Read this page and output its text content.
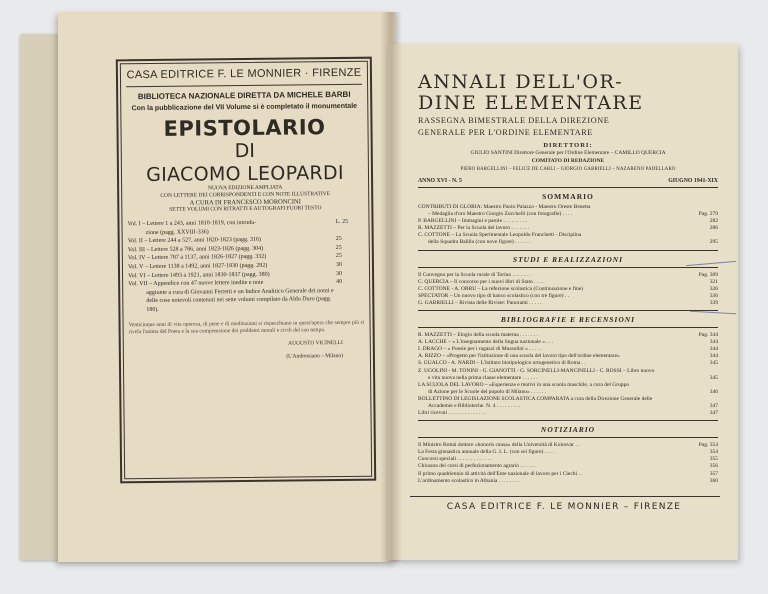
CASA EDITRICE F. LE MONNIER · FIRENZE
BIBLIOTECA NAZIONALE DIRETTA DA MICHELE BARBI
Con la pubblicazione del VII Volume si è completato il monumentale
EPISTOLARIO
DI
GIACOMO LEOPARDI
NUOVA EDIZIONE AMPLIATA
CON LETTERE DEI CORRISPONDENTI E CON NOTE ILLUSTRATIVE
A CURA DI FRANCESCO MORONCINI
SETTE VOLUMI CON RITRATTI E AUTOGRAFI FUORI TESTO
Vol. I – Lettere 1 a 243, anni 1810-1819, con introdu-	L. 25
zione (pagg. XXVIII-336)
Vol. II – Lettere 244 a 527, anni 1820-1823 (pagg. 316)	25
Vol. III – Lettere 528 a 786, anni 1823-1826 (pagg. 304)	25
Vol. IV – Lettere 787 a 1137, anni 1826-1827 (pagg. 332)	25
Vol. V – Lettere 1138 a 1492, anni 1827-1830 (pagg. 292)	30
Vol. VI – Lettere 1493 a 1921, anni 1830-1837 (pagg. 380)	30
Vol. VII – Appendice con 47 nuove lettere inedite e note	40
aggiunte a cura di Giovanni Ferretti e un Indice Analitico Generale dei nomi e delle cose notevoli contenuti nei sette volumi compilato da Aldo Duro (pagg. 180).
Venticinque anni di vita operosa, di pene e di meditazioni si rispecchiano in quest'opera che sempre più ci rivela l'anima del Poeta e la sua comprensione dei problemi morali e civili del suo tempo.
AUGUSTO VICINELLI
(L'Ambrosiano – Milano)
ANNALI DELL'OR-
DINE ELEMENTARE
RASSEGNA BIMESTRALE DELLA DIREZIONE
GENERALE PER L'ORDINE ELEMENTARE
DIRETTORI:
GIULIO SANTINI Direttore Generale per l'Ordine Elementare – CAMILLO QUERCIA
COMITATO DI REDAZIONE
PIERO BARGELLINI – FELICE DE CARLI – GIORGIO GABRIELLI – NAZARENO PADELLARO
ANNO XVI - N. 5	GIUGNO 1941-XIX
SOMMARIO
CONTRIBUTI DI GLORIA: Maestro Paolo Palazzo - Maestro Oreste Benetta
– Medaglia d'oro Maestro Giorgio Zucchelli (con fotografie) . . . .	Pag. 279
P. BARGELLINI – Immagini e parole . . . . . . . . .	282
R. MAZZETTI – Per la Scuola del lavoro . . . . . . .	286
C. COTTONE – La Scuola Sperimentale Leopoldo Franchetti - Disciplina
della Squadra Balilla (con nove figure) . . . . . .	295
STUDI E REALIZZAZIONI
Il Convegno per la Scuola rurale di Torino . . . . . . .	Pag. 309
C. QUERCIA – Il concorso per i nuovi libri di Stato . . . .	321
C. COTTONE - A. ORRU – La refezione scolastica (Continuazione e fine)	326
SPECTATOR – Un nuovo tipo di banco scolastico (con tre figure) . .	336
G. GABRIELLI – Rivista delle Riviste: Panorami . . . . .	339
BIBLIOGRAFIE E RECENSIONI
R. MAZZETTI – Elogio della scuola materna . . . . . . .	Pag. 344
A. LACCHE – « L'insegnamento della lingua nazionale » . . .	344
I. DRAGO – « Poesie per i ragazzi di Mussolini » . . . . .	344
A. RIZZO – «Progetto per l'istituzione di una scuola del lavoro tipo dell'ordine elementare»	344
S. GUALCO - A. NARDI – L'Istituto biotipologico ortogenetico di Roma . .	345
Z. UGOLINI - M. TONINI - G. GIANOTTI - G. SORCINELLI-MANCINELLI - C. ROSSI – Libro nuovo
e vita nuova nella prima classe elementare . . . . . .	345
LA SCUOLA DEL LAVORO – «Esperienze e motivi in una scuola maschile, a cura del Gruppo
di Azione per le Scuole del popolo di Milano» . . . . . .	346
BOLLETTINO DI LEGISLAZIONE SCOLASTICA COMPARATA a cura della Direzione Generale delle
Accademie e Biblioteche. N. 4 . . . . . . . . .	347
Libri ricevuti . . . . . . . . . . . . . .	347
NOTIZIARIO
Il Ministro Bottai dottore «honoris causa» della Università di Kolosvar . .	Pag. 354
La Festa ginnastica annuale della G. I. L. (con sei figure) . . . .	354
Concorsi speciali . . . . . . . . . . . . .	355
Chiusura dei corsi di perfezionamento agrario . . . . . .	356
Il primo quadriennio di attività dell'Ente nazionale di lavoro per i Ciechi . .	357
L'ordinamento scolastico in Albania . . . . . . . .	360
CASA EDITRICE F. LE MONNIER – FIRENZE
